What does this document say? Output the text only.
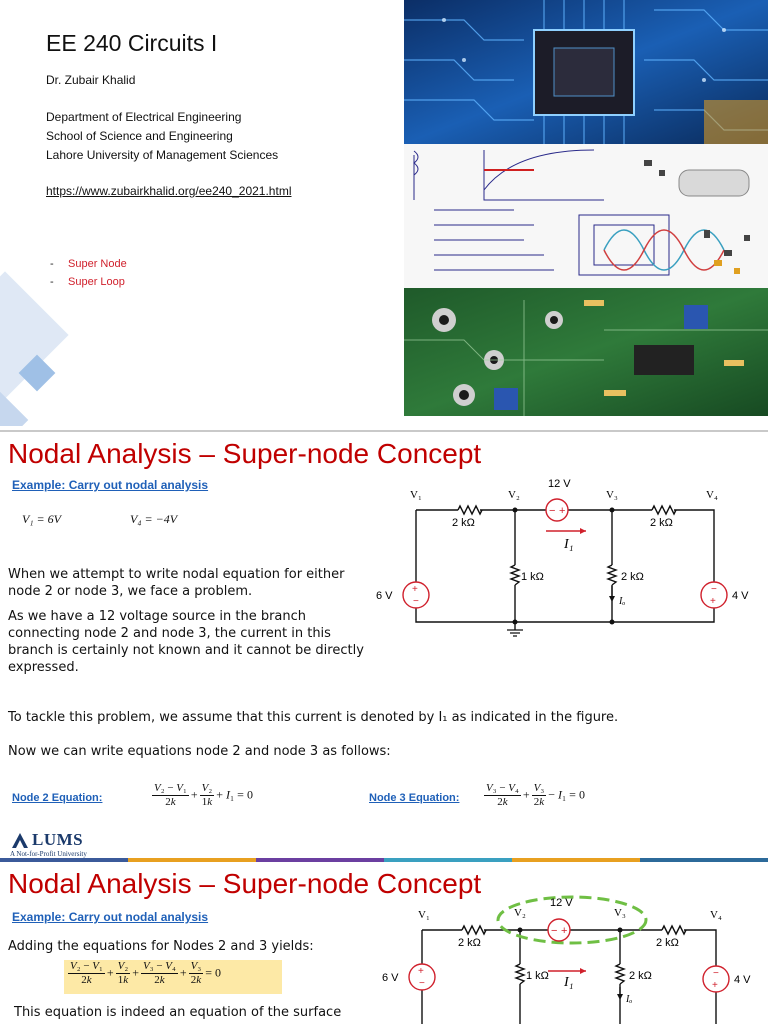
EE 240 Circuits I
Dr. Zubair Khalid
Department of Electrical Engineering
School of Science and Engineering
Lahore University of Management Sciences
https://www.zubairkhalid.org/ee240_2021.html
- Super Node
- Super Loop
Nodal Analysis – Super-node Concept
Example: Carry out nodal analysis
V₁ = 6V	V₄ = −4V
When we attempt to write nodal equation for either node 2 or node 3, we face a problem.
As we have a 12 voltage source in the branch connecting node 2 and node 3, the current in this branch is certainly not known and it cannot be directly expressed.
To tackle this problem, we assume that this current is denoted by I₁ as indicated in the figure.
Now we can write equations node 2 and node 3 as follows:
Node 2 Equation:	$\frac{\text{V₂ − V₁}}{2k} + \frac{\text{V₂}}{1k} + I_1 = 0$	Node 3 Equation: $\frac{\text{V₃ − V₄}}{2k} + \frac{\text{V₃}}{2k} - I_1 = 0$
− +
+
−
−
+
V₁	V₂	V₃	V₄
12 V
2 kΩ	2 kΩ
1 kΩ	2 kΩ
6 V	4 V
I₁
Iₒ
LUMS
A Not-for-Profit University
Nodal Analysis – Super-node Concept
Example: Carry out nodal analysis
Adding the equations for Nodes 2 and 3 yields:
$\frac{\text{V₂ − V₁}}{2k} + \frac{\text{V₂}}{1k} + \frac{\text{V₃ − V₄}}{2k} + \frac{\text{V₃}}{2k} = 0$
This equation is indeed an equation of the surface
− +
+
−
−
+
V₁	V₂	V₃	V₄
12 V
2 kΩ	2 kΩ
1 kΩ	2 kΩ
6 V	4 V
I₁
Iₒ
